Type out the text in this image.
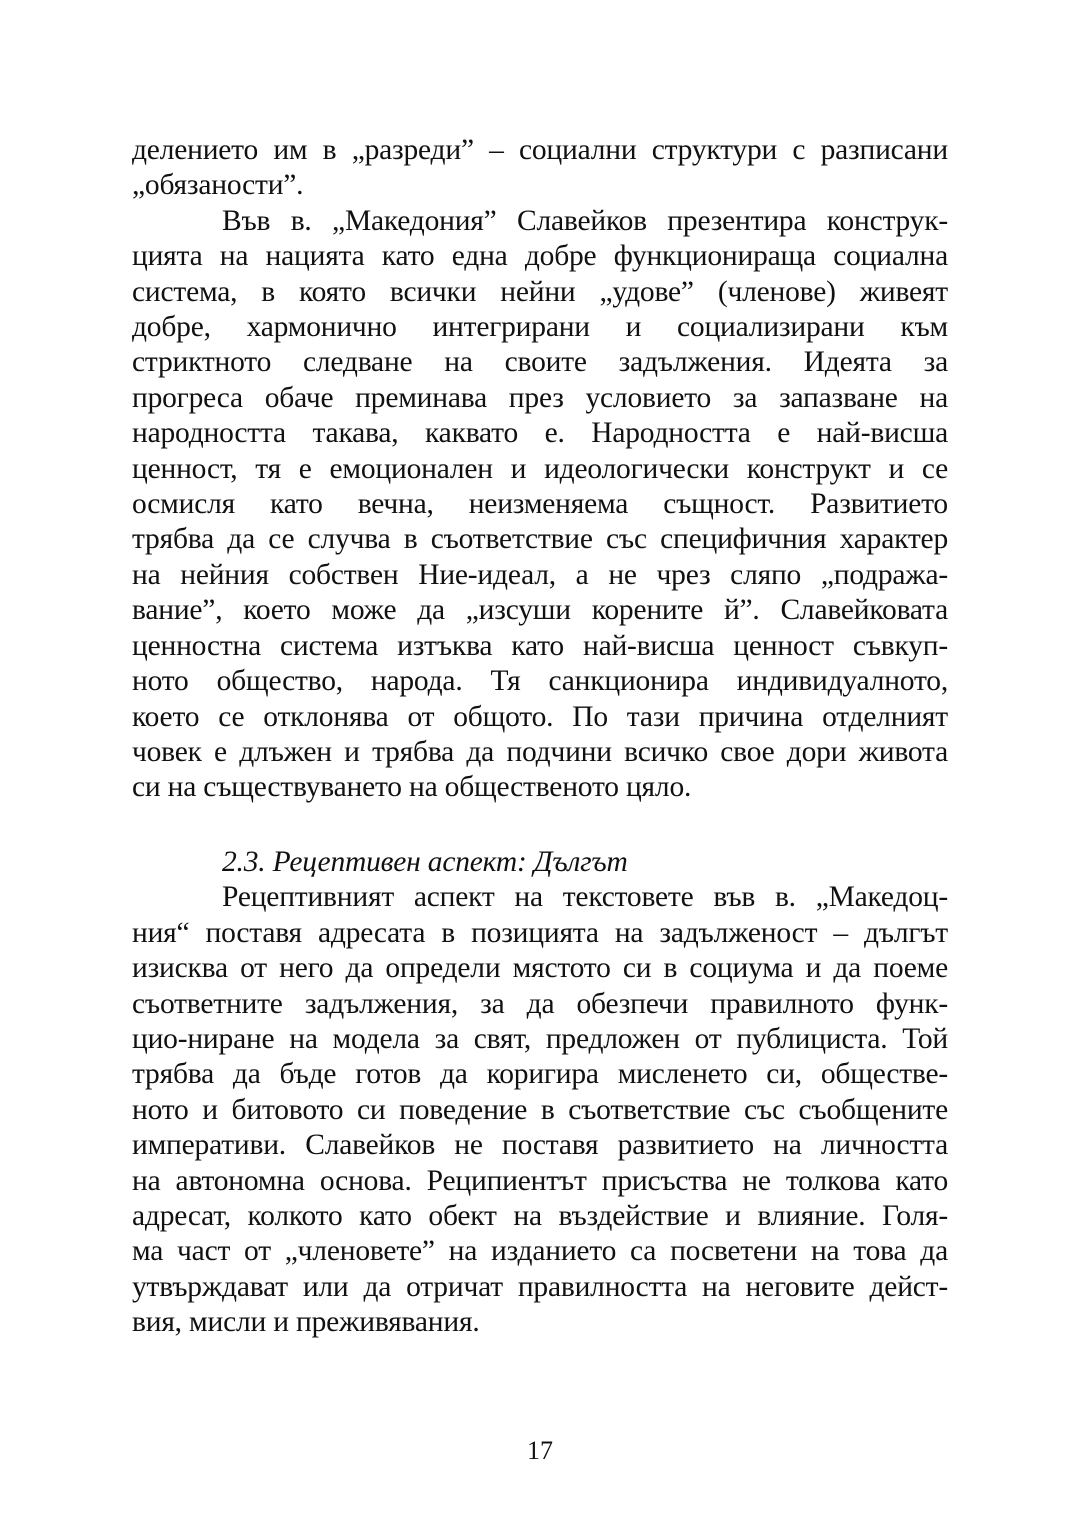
делението им в „разреди” – социални структури с разписани
„обязаности”.

Във в. „Македония” Славейков презентира конструк-
цията на нацията като една добре функционираща социална
система, в която всички нейни „удове” (членове) живеят
добре, хармонично интегрирани и социализирани към
стриктното следване на своите задължения. Идеята за
прогреса обаче преминава през условието за запазване на
народността такава, каквато е. Народността е най-висша
ценност, тя е емоционален и идеологически конструкт и се
осмисля като вечна, неизменяема същност. Развитието
трябва да се случва в съответствие със специфичния характер
на нейния собствен Ние-идеал, а не чрез сляпо „подража-
вание”, което може да „изсуши корените й”. Славейковата
ценностна система изтъква като най-висша ценност съвкуп-
ното общество, народа. Тя санкционира индивидуалното,
което се отклонява от общото. По тази причина отделният
човек е длъжен и трябва да подчини всичко свое дори живота
си на съществуването на общественото цяло.

2.3. Рецептивен аспект: Дългът

Рецептивният аспект на текстовете във в. „Македоц-
ния“ поставя адресата в позицията на задълженост – дългът
изисква от него да определи мястото си в социума и да поеме
съответните задължения, за да обезпечи правилното функ-
цио-ниране на модела за свят, предложен от публициста. Той
трябва да бъде готов да коригира мисленето си, обществе-
ното и битовото си поведение в съответствие със съобщените
императиви. Славейков не поставя развитието на личността
на автономна основа. Реципиентът присъства не толкова като
адресат, колкото като обект на въздействие и влияние. Голя-
ма част от „членовете” на изданието са посветени на това да
утвърждават или да отричат правилността на неговите дейст-
вия, мисли и преживявания.

17
